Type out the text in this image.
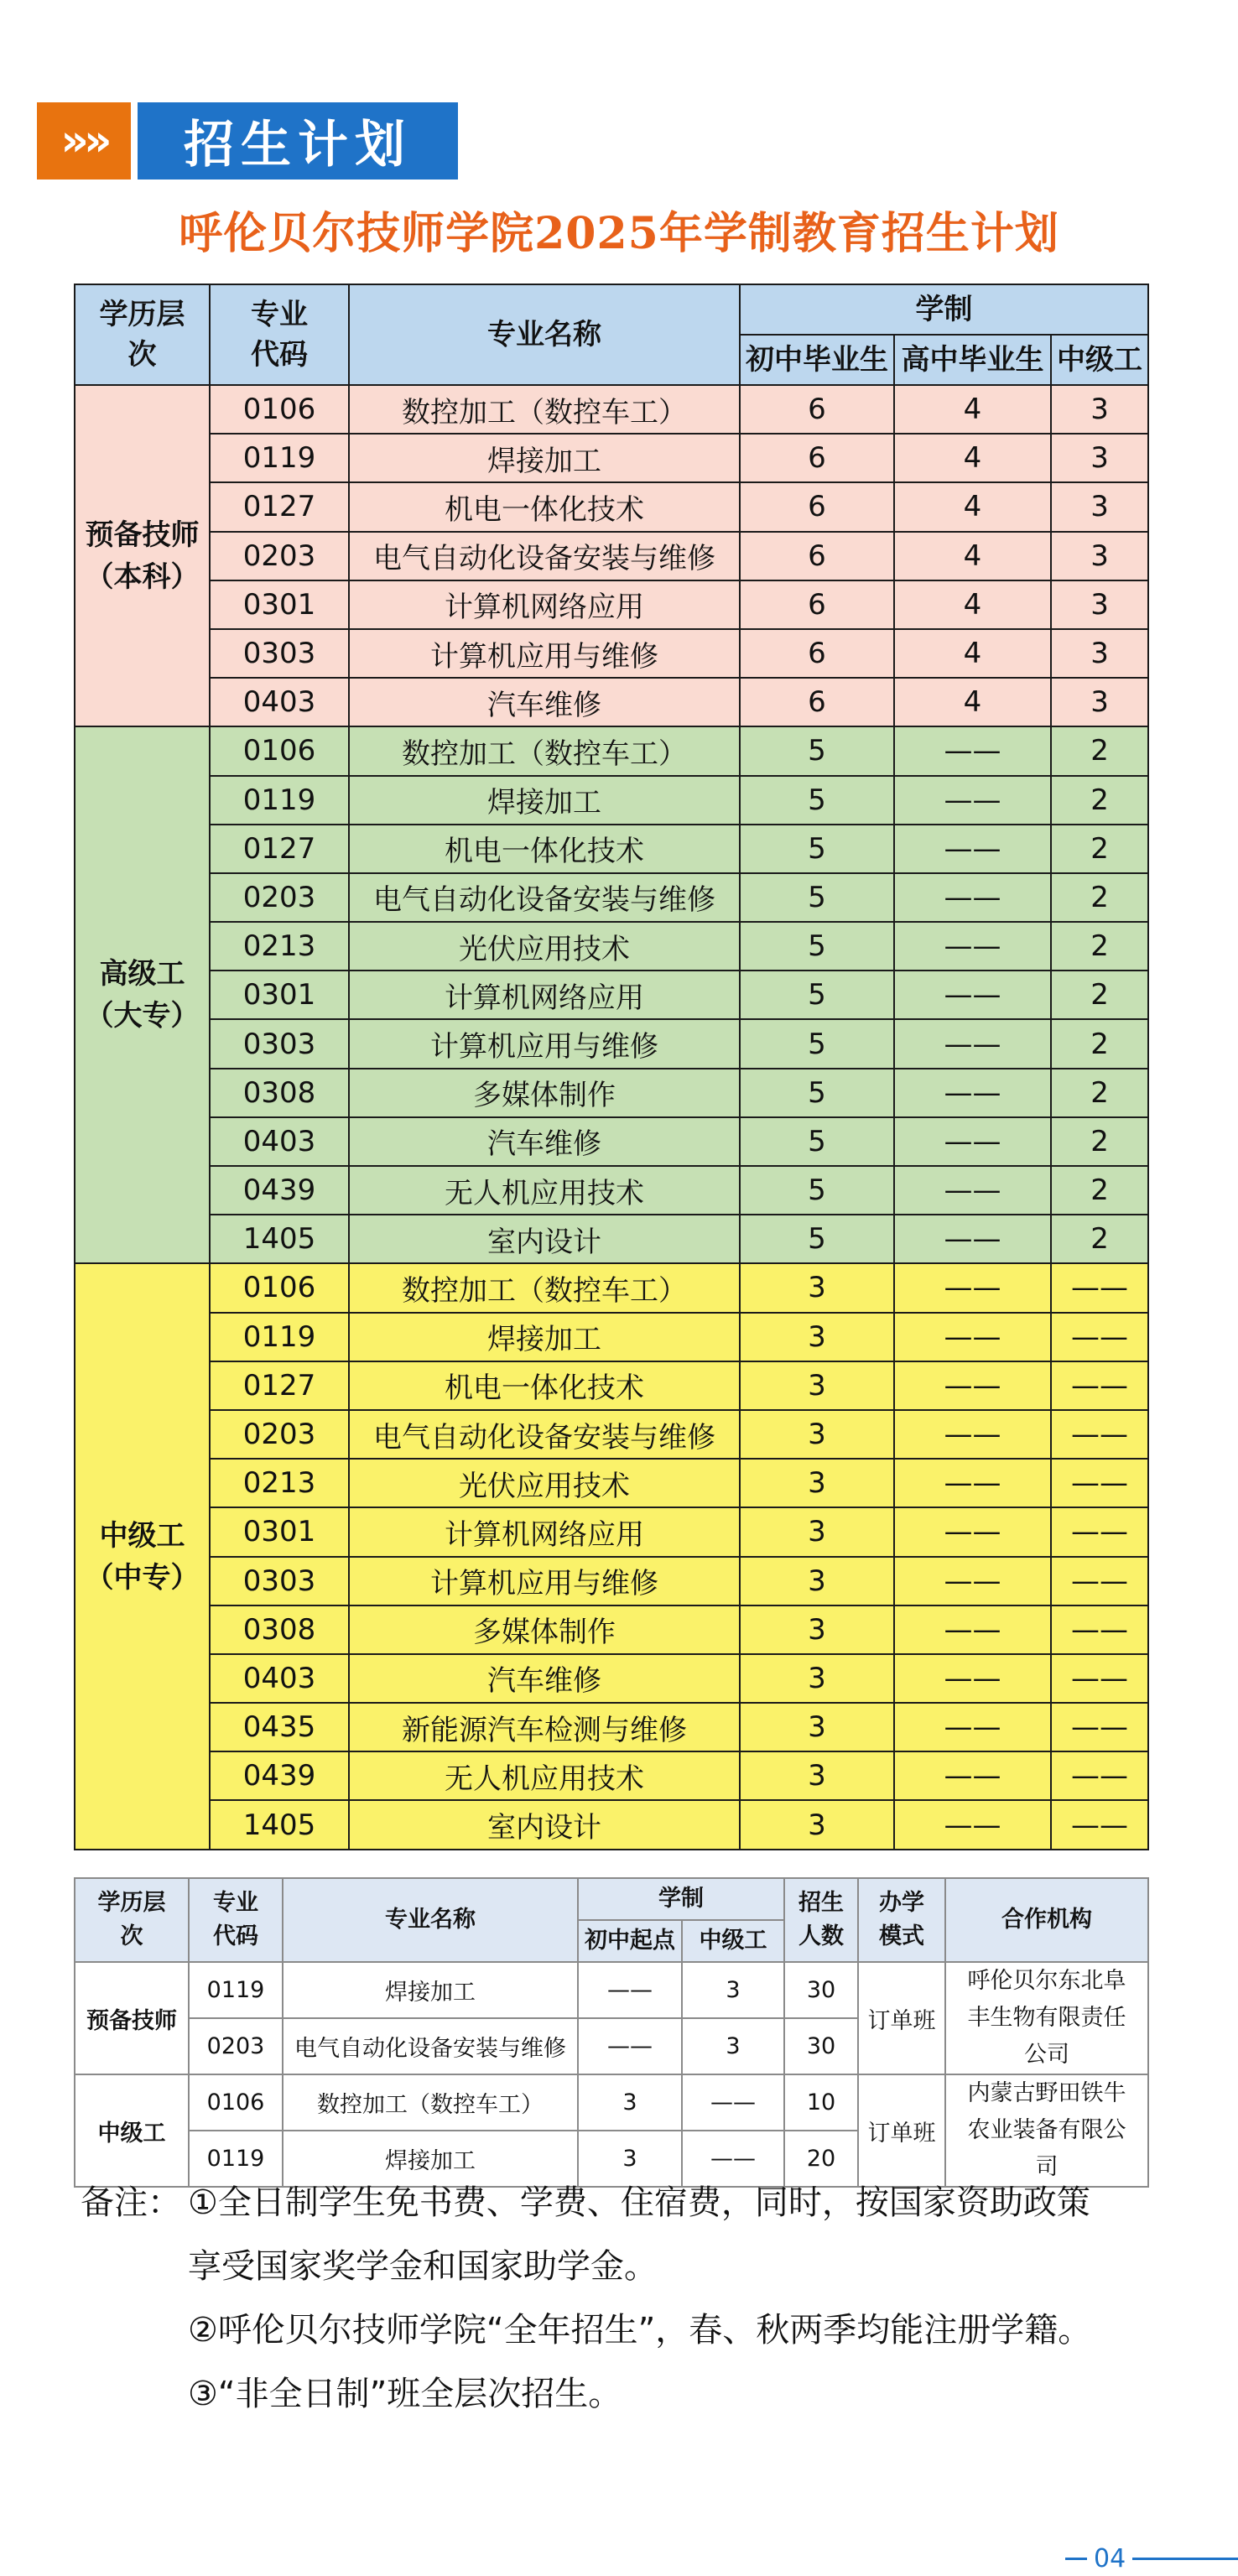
»»	招生计划
呼伦贝尔技师学院2025年学制教育招生计划
学历层次	专业代码	专业名称	学制		
			初中毕业生	高中毕业生	中级工
预备技师（本科）	0106	数控加工（数控车工）	6	4	3
	0119	焊接加工	6	4	3
	0127	机电一体化技术	6	4	3
	0203	电气自动化设备安装与维修	6	4	3
	0301	计算机网络应用	6	4	3
	0303	计算机应用与维修	6	4	3
	0403	汽车维修	6	4	3
高级工（大专）	0106	数控加工（数控车工）	5	——	2
	0119	焊接加工	5	——	2
	0127	机电一体化技术	5	——	2
	0203	电气自动化设备安装与维修	5	——	2
	0213	光伏应用技术	5	——	2
	0301	计算机网络应用	5	——	2
	0303	计算机应用与维修	5	——	2
	0308	多媒体制作	5	——	2
	0403	汽车维修	5	——	2
	0439	无人机应用技术	5	——	2
	1405	室内设计	5	——	2
中级工（中专）	0106	数控加工（数控车工）	3	——	——
	0119	焊接加工	3	——	——
	0127	机电一体化技术	3	——	——
	0203	电气自动化设备安装与维修	3	——	——
	0213	光伏应用技术	3	——	——
	0301	计算机网络应用	3	——	——
	0303	计算机应用与维修	3	——	——
	0308	多媒体制作	3	——	——
	0403	汽车维修	3	——	——
	0435	新能源汽车检测与维修	3	——	——
	0439	无人机应用技术	3	——	——
	1405	室内设计	3	——	——
学历层次	专业代码	专业名称	学制		招生人数	办学模式	合作机构
			初中起点	中级工			
预备技师	0119	焊接加工	——	3	30	订单班	呼伦贝尔东北阜丰生物有限责任公司
	0203	电气自动化设备安装与维修	——	3	30		
中级工	0106	数控加工（数控车工）	3	——	10	订单班	内蒙古野田铁牛农业装备有限公司
	0119	焊接加工	3	——	20		
备注： ①全日制学生免书费、学费、住宿费，同时，按国家资助政策
享受国家奖学金和国家助学金。
②呼伦贝尔技师学院“全年招生”，春、秋两季均能注册学籍。
③“非全日制”班全层次招生。
04
